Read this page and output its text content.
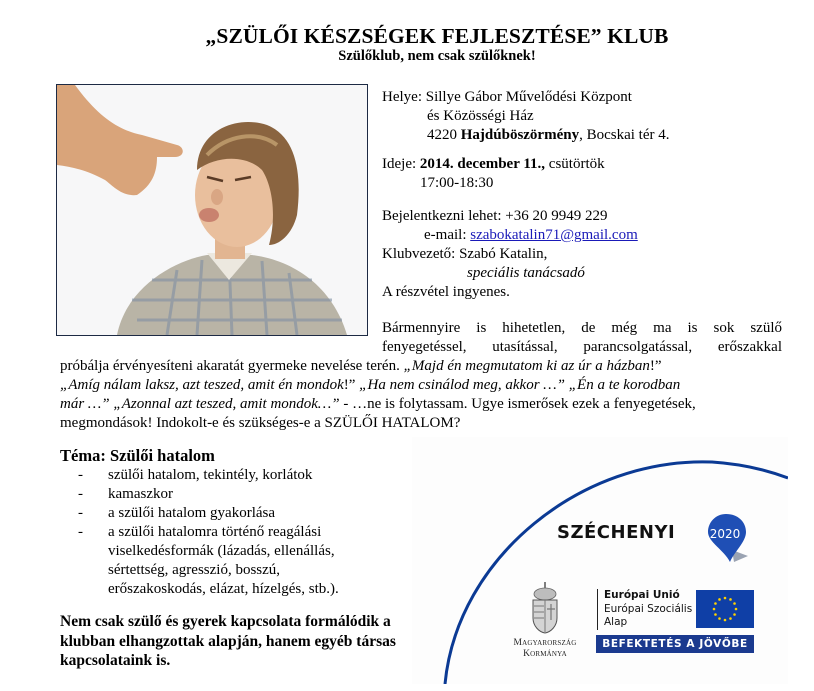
„SZÜLŐI KÉSZSÉGEK FEJLESZTÉSE” KLUB
Szülőklub, nem csak szülőknek!
Helye: Sillye Gábor Művelődési Központ
és Közösségi Ház
4220 Hajdúböszörmény, Bocskai tér 4.
Ideje: 2014. december 11., csütörtök
17:00-18:30
Bejelentkezni lehet: +36 20 9949 229
e-mail: szabokatalin71@gmail.com
Klubvezető: Szabó Katalin,
speciális tanácsadó
A részvétel ingyenes.
Bármennyire is hihetetlen, de még ma is sok szülő
fenyegetéssel, utasítással, parancsolgatással, erőszakkal
próbálja érvényesíteni akaratát gyermeke nevelése terén. „Majd én megmutatom ki az úr a házban!”
„Amíg nálam laksz, azt teszed, amit én mondok!” „Ha nem csinálod meg, akkor …” „Én a te korodban
már …” „Azonnal azt teszed, amit mondok…” - …ne is folytassam. Ugye ismerősek ezek a fenyegetések,
megmondások! Indokolt-e és szükséges-e a SZÜLŐI HATALOM?
Téma: Szülői hatalom
- szülői hatalom, tekintély, korlátok
- kamaszkor
- a szülői hatalom gyakorlása
- a szülői hatalomra történő reagálási viselkedésformák (lázadás, ellenállás, sértettség, agresszió, bosszú, erőszakoskodás, elázat, hízelgés, stb.).
Nem csak szülő és gyerek kapcsolata formálódik a klubban elhangzottak alapján, hanem egyéb társas kapcsolataink is.
SZÉCHENYI	2020
Magyarország
Kormánya
Európai Unió
Európai Szociális
Alap
BEFEKTETÉS A JÖVŐBE
